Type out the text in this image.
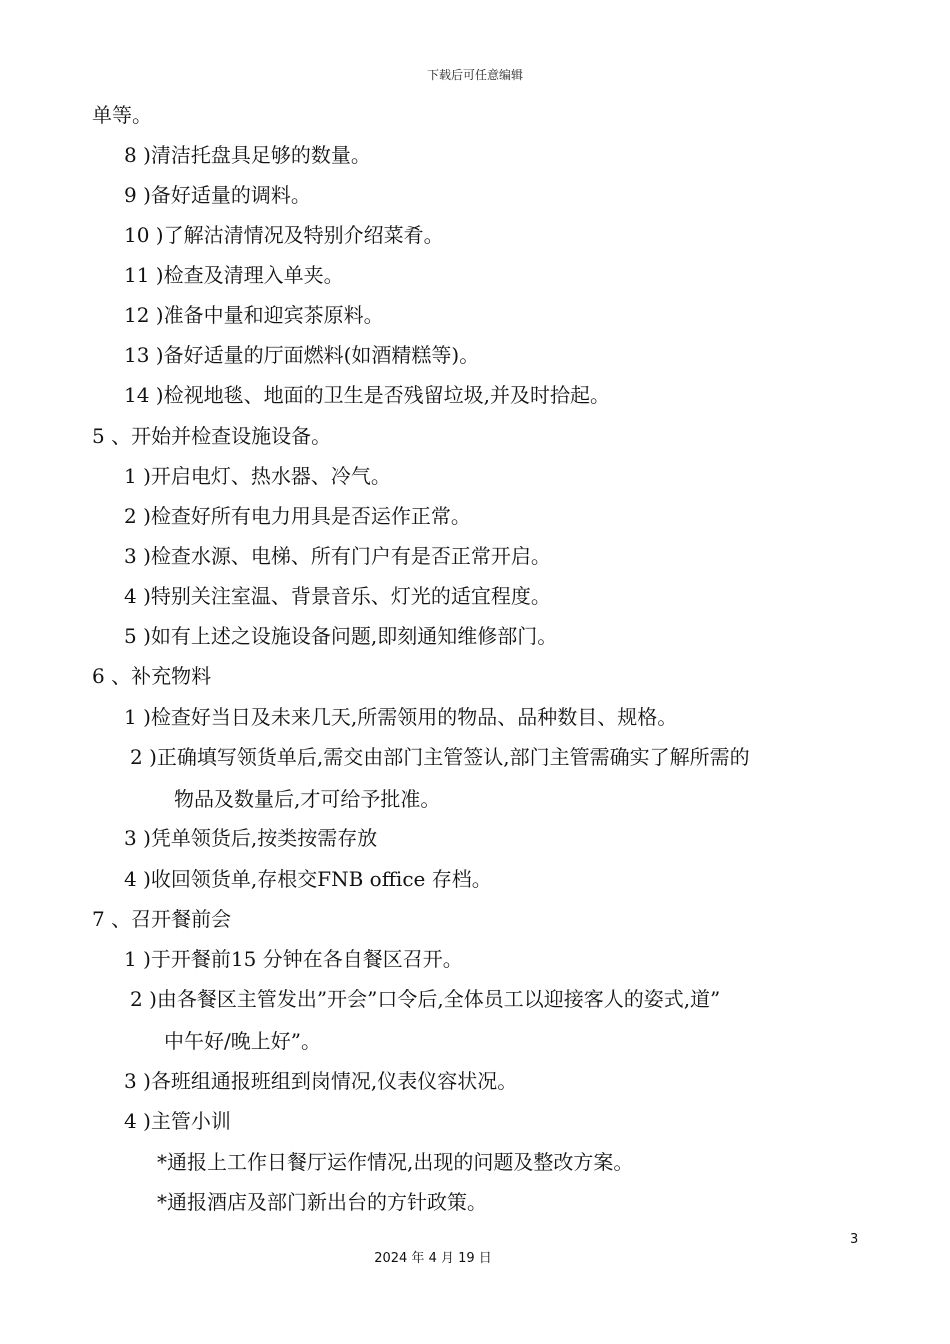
下载后可任意编辑
单等。
8 )清洁托盘具足够的数量。
9 )备好适量的调料。
10 )了解沽清情况及特别介绍菜肴。
11 )检查及清理入单夹。
12 )准备中量和迎宾茶原料。
13 )备好适量的厅面燃料(如酒精糕等)。
14 )检视地毯、地面的卫生是否残留垃圾,并及时拾起。
5 、开始并检查设施设备。
1 )开启电灯、热水器、冷气。
2 )检查好所有电力用具是否运作正常。
3 )检查水源、电梯、所有门户有是否正常开启。
4 )特别关注室温、背景音乐、灯光的适宜程度。
5 )如有上述之设施设备问题,即刻通知维修部门。
6 、补充物料
1 )检查好当日及未来几天,所需领用的物品、品种数目、规格。
2 )正确填写领货单后,需交由部门主管签认,部门主管需确实了解所需的
物品及数量后,才可给予批准。
3 )凭单领货后,按类按需存放
4 )收回领货单,存根交FNB office 存档。
7 、召开餐前会
1 )于开餐前15 分钟在各自餐区召开。
2 )由各餐区主管发出”开会”口令后,全体员工以迎接客人的姿式,道”
中午好/晚上好”。
3 )各班组通报班组到岗情况,仪表仪容状况。
4 )主管小训
*通报上工作日餐厅运作情况,出现的问题及整改方案。
*通报酒店及部门新出台的方针政策。
3
2024 年 4 月 19 日
